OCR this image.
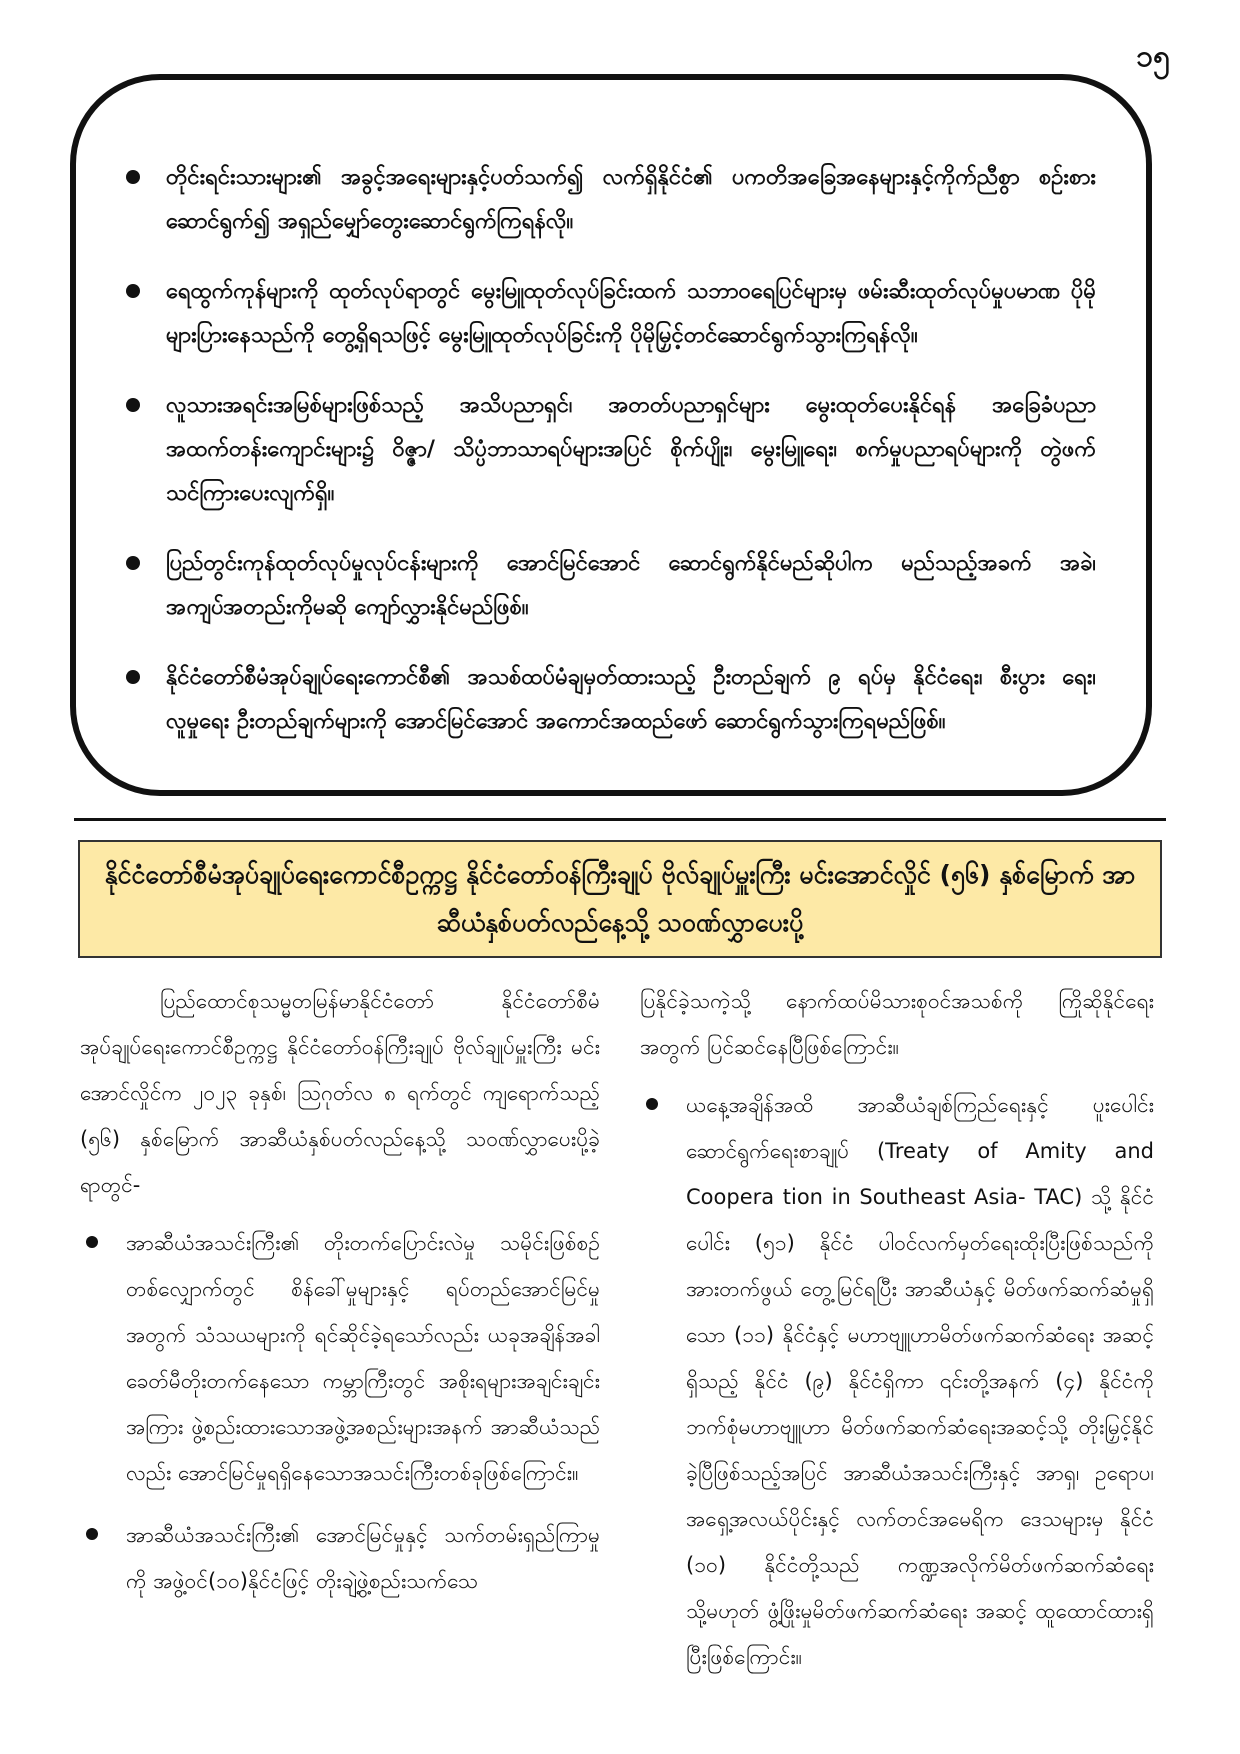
၁၅
တိုင်းရင်းသားများ၏ အခွင့်အရေးများနှင့်ပတ်သက်၍ လက်ရှိနိုင်ငံ၏ ပကတိအခြေအနေများနှင့်ကိုက်ညီစွာ စဉ်းစားဆောင်ရွက်၍ အရှည်မျှော်တွေးဆောင်ရွက်ကြရန်လို။
ရေထွက်ကုန်များကို ထုတ်လုပ်ရာတွင် မွေးမြူထုတ်လုပ်ခြင်းထက် သဘာဝရေပြင်များမှ ဖမ်းဆီးထုတ်လုပ်မှုပမာဏ ပိုမိုများပြားနေသည်ကို တွေ့ရှိရသဖြင့် မွေးမြူထုတ်လုပ်ခြင်းကို ပိုမိုမြှင့်တင်ဆောင်ရွက်သွားကြရန်လို။
လူသားအရင်းအမြစ်များဖြစ်သည့် အသိပညာရှင်၊ အတတ်ပညာရှင်များ မွေးထုတ်ပေးနိုင်ရန် အခြေခံပညာ အထက်တန်းကျောင်းများ၌ ဝိဇ္ဇာ/ သိပ္ပံဘာသာရပ်များအပြင် စိုက်ပျိုး၊ မွေးမြူရေး၊ စက်မှုပညာရပ်များကို တွဲဖက်သင်ကြားပေးလျက်ရှိ။
ပြည်တွင်းကုန်ထုတ်လုပ်မှုလုပ်ငန်းများကို အောင်မြင်အောင် ဆောင်ရွက်နိုင်မည်ဆိုပါက မည်သည့်အခက် အခဲ၊ အကျပ်အတည်းကိုမဆို ကျော်လွှားနိုင်မည်ဖြစ်။
နိုင်ငံတော်စီမံအုပ်ချုပ်ရေးကောင်စီ၏ အသစ်ထပ်မံချမှတ်ထားသည့် ဦးတည်ချက် ၉ ရပ်မှ နိုင်ငံရေး၊ စီးပွား ရေး၊ လူမှုရေး ဦးတည်ချက်များကို အောင်မြင်အောင် အကောင်အထည်ဖော် ဆောင်ရွက်သွားကြရမည်ဖြစ်။
နိုင်ငံတော်စီမံအုပ်ချုပ်ရေးကောင်စီဥက္ကဋ္ဌ နိုင်ငံတော်ဝန်ကြီးချုပ် ဗိုလ်ချုပ်မှူးကြီး မင်းအောင်လှိုင် (၅၆) နှစ်မြောက် အာဆီယံနှစ်ပတ်လည်နေ့သို့ သဝဏ်လွှာပေးပို့

ပြည်ထောင်စုသမ္မတမြန်မာနိုင်ငံတော် နိုင်ငံတော်စီမံအုပ်ချုပ်ရေးကောင်စီဥက္ကဋ္ဌ နိုင်ငံတော်ဝန်ကြီးချုပ် ဗိုလ်ချုပ်မှူးကြီး မင်းအောင်လှိုင်က ၂၀၂၃ ခုနှစ်၊ ဩဂုတ်လ ၈ ရက်တွင် ကျရောက်သည့် (၅၆) နှစ်မြောက် အာဆီယံနှစ်ပတ်လည်နေ့သို့ သဝဏ်လွှာပေးပို့ခဲ့ရာတွင်-

အာဆီယံအသင်းကြီး၏ တိုးတက်ပြောင်းလဲမှု သမိုင်းဖြစ်စဉ်တစ်လျှောက်တွင် စိန်ခေါ်မှုများနှင့် ရပ်တည်အောင်မြင်မှုအတွက် သံသယများကို ရင်ဆိုင်ခဲ့ရသော်လည်း ယခုအချိန်အခါ ခေတ်မီတိုးတက်နေသော ကမ္ဘာကြီးတွင် အစိုးရများအချင်းချင်းအကြား ဖွဲ့စည်းထားသောအဖွဲ့အစည်းများအနက် အာဆီယံသည်လည်း အောင်မြင်မှုရရှိနေသောအသင်းကြီးတစ်ခုဖြစ်ကြောင်း။
အာဆီယံအသင်းကြီး၏ အောင်မြင်မှုနှင့် သက်တမ်းရှည်ကြာမှုကို အဖွဲ့ဝင်(၁၀)နိုင်ငံဖြင့် တိုးချဲ့ဖွဲ့စည်းသက်သေ

ပြနိုင်ခဲ့သကဲ့သို့ နောက်ထပ်မိသားစုဝင်အသစ်ကို ကြိုဆိုနိုင်ရေးအတွက် ပြင်ဆင်နေပြီဖြစ်ကြောင်း။

ယနေ့အချိန်အထိ အာဆီယံချစ်ကြည်ရေးနှင့် ပူးပေါင်းဆောင်ရွက်ရေးစာချုပ် (Treaty of Amity and Coopera tion in Southeast Asia- TAC) သို့ နိုင်ငံပေါင်း (၅၁) နိုင်ငံ ပါဝင်လက်မှတ်ရေးထိုးပြီးဖြစ်သည်ကို အားတက်ဖွယ် တွေ့မြင်ရပြီး အာဆီယံနှင့် မိတ်ဖက်ဆက်ဆံမှုရှိသော (၁၁) နိုင်ငံနှင့် မဟာဗျူဟာမိတ်ဖက်ဆက်ဆံရေး အဆင့်ရှိသည့် နိုင်ငံ (၉) နိုင်ငံရှိကာ ၎င်းတို့အနက် (၄) နိုင်ငံကို ဘက်စုံမဟာဗျူဟာ မိတ်ဖက်ဆက်ဆံရေးအဆင့်သို့ တိုးမြှင့်နိုင်ခဲ့ပြီဖြစ်သည့်အပြင် အာဆီယံအသင်းကြီးနှင့် အာရှ၊ ဥရောပ၊ အရှေ့အလယ်ပိုင်းနှင့် လက်တင်အမေရိက ဒေသများမှ နိုင်ငံ (၁၀) နိုင်ငံတို့သည် ကဏ္ဍအလိုက်မိတ်ဖက်ဆက်ဆံရေး သို့မဟုတ် ဖွံ့ဖြိုးမှုမိတ်ဖက်ဆက်ဆံရေး အဆင့် ထူထောင်ထားရှိပြီးဖြစ်ကြောင်း။
